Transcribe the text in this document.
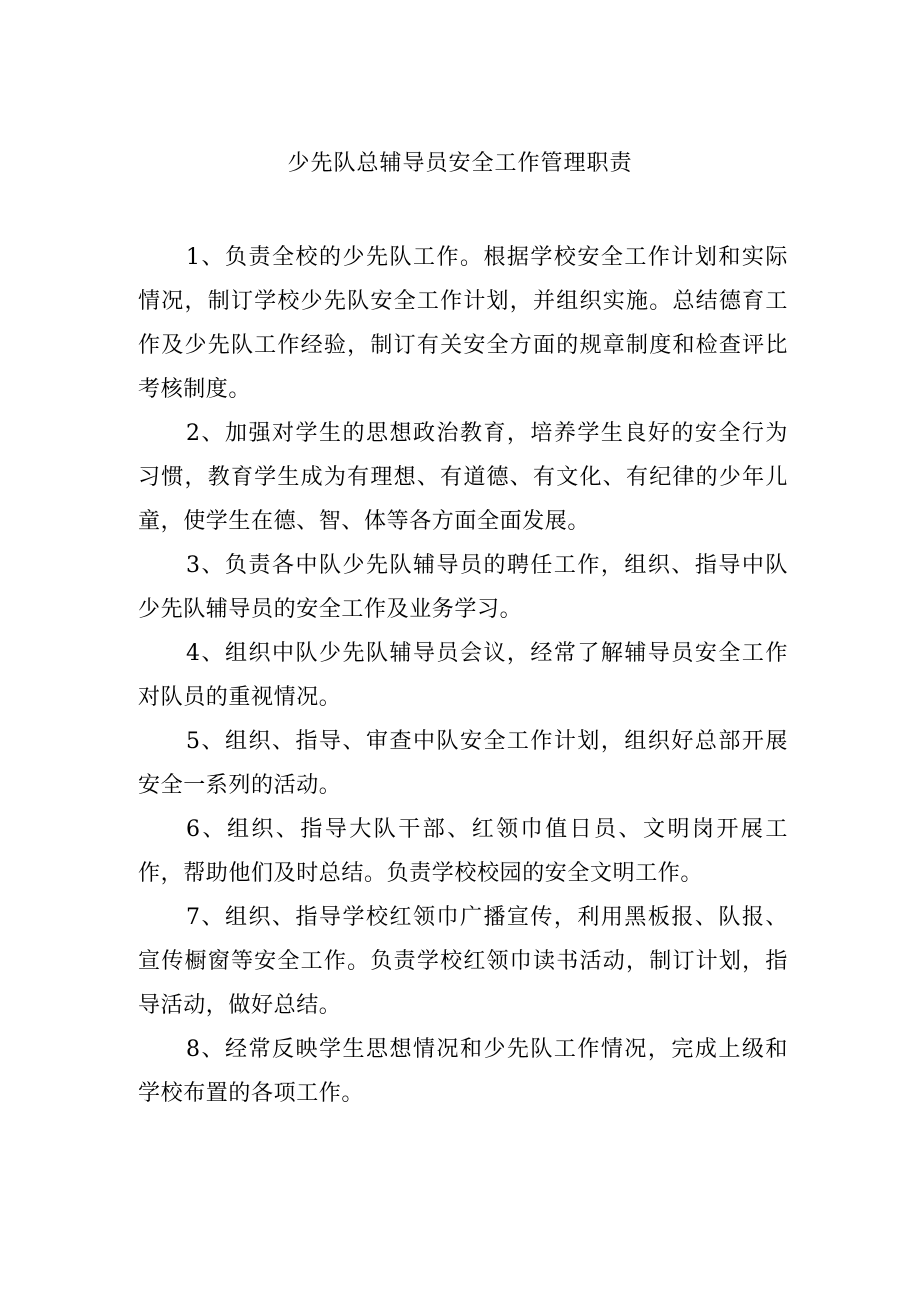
少先队总辅导员安全工作管理职责

1、负责全校的少先队工作。根据学校安全工作计划和实际情况，制订学校少先队安全工作计划，并组织实施。总结德育工作及少先队工作经验，制订有关安全方面的规章制度和检查评比考核制度。

2、加强对学生的思想政治教育，培养学生良好的安全行为习惯，教育学生成为有理想、有道德、有文化、有纪律的少年儿童，使学生在德、智、体等各方面全面发展。

3、负责各中队少先队辅导员的聘任工作，组织、指导中队少先队辅导员的安全工作及业务学习。

4、组织中队少先队辅导员会议，经常了解辅导员安全工作对队员的重视情况。

5、组织、指导、审查中队安全工作计划，组织好总部开展安全一系列的活动。

6、组织、指导大队干部、红领巾值日员、文明岗开展工作，帮助他们及时总结。负责学校校园的安全文明工作。

7、组织、指导学校红领巾广播宣传，利用黑板报、队报、宣传橱窗等安全工作。负责学校红领巾读书活动，制订计划，指导活动，做好总结。

8、经常反映学生思想情况和少先队工作情况，完成上级和学校布置的各项工作。
